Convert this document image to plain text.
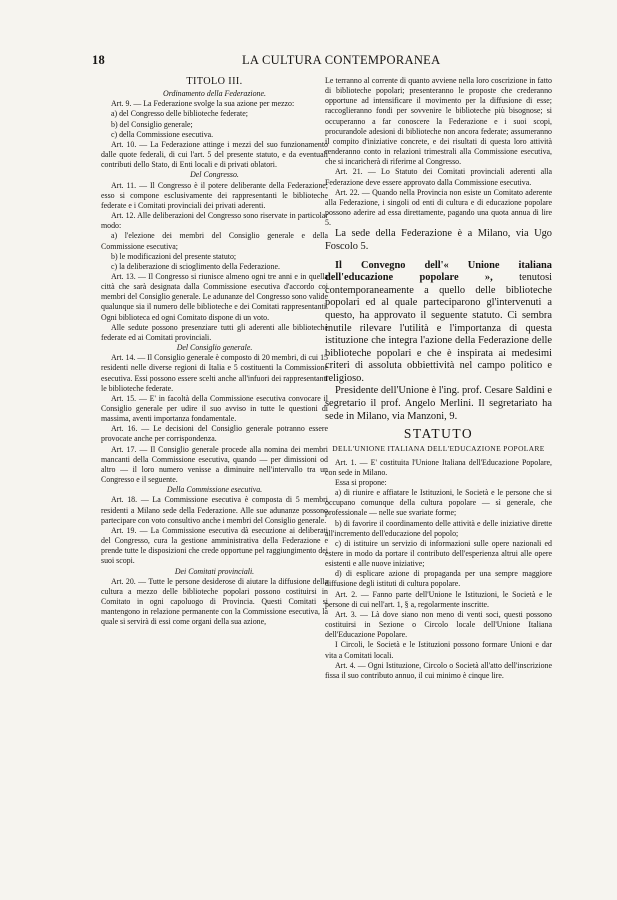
18	LA CULTURA CONTEMPORANEA
TITOLO III.

Ordinamento della Federazione.

Art. 9. — La Federazione svolge la sua azione per mezzo:

a) del Congresso delle biblioteche federate;

b) del Consiglio generale;

c) della Commissione esecutiva.

Art. 10. — La Federazione attinge i mezzi del suo funzionamento dalle quote federali, di cui l'art. 5 del presente statuto, e da eventuali contributi dello Stato, di Enti locali e di privati oblatori.

Del Congresso.

Art. 11. — Il Congresso è il potere deliberante della Federazione; esso si compone esclusivamente dei rappresentanti le biblioteche federate e i Comitati provinciali dei privati aderenti.

Art. 12. Alle deliberazioni del Congresso sono riservate in particolar modo:

a) l'elezione dei membri del Consiglio generale e della Commissione esecutiva;

b) le modificazioni del presente statuto;

c) la deliberazione di scioglimento della Federazione.

Art. 13. — Il Congresso si riunisce almeno ogni tre anni e in quella città che sarà designata dalla Commissione esecutiva d'accordo coi membri del Consiglio generale. Le adunanze del Congresso sono valide qualunque sia il numero delle biblioteche e dei Comitati rappresentanti. Ogni biblioteca ed ogni Comitato dispone di un voto.

Alle sedute possono presenziare tutti gli aderenti alle biblioteche federate ed ai Comitati provinciali.

Del Consiglio generale.

Art. 14. — Il Consiglio generale è composto di 20 membri, di cui 15 residenti nelle diverse regioni di Italia e 5 costituenti la Commissione esecutiva. Essi possono essere scelti anche all'infuori dei rappresentanti le biblioteche federate.

Art. 15. — E' in facoltà della Commissione esecutiva convocare il Consiglio generale per udire il suo avviso in tutte le questioni di massima, aventi importanza fondamentale.

Art. 16. — Le decisioni del Consiglio generale potranno essere provocate anche per corrispondenza.

Art. 17. — Il Consiglio generale procede alla nomina dei membri mancanti della Commissione esecutiva, quando — per dimissioni od altro — il loro numero venisse a diminuire nell'intervallo tra un Congresso e il seguente.

Della Commissione esecutiva.

Art. 18. — La Commissione esecutiva è composta di 5 membri residenti a Milano sede della Federazione. Alle sue adunanze possono partecipare con voto consultivo anche i membri del Consiglio generale.

Art. 19. — La Commissione esecutiva dà esecuzione ai deliberati del Congresso, cura la gestione amministrativa della Federazione e prende tutte le disposizioni che crede opportune pel raggiungimento dei suoi scopi.

Dei Comitati provinciali.

Art. 20. — Tutte le persone desiderose di aiutare la diffusione della cultura a mezzo delle biblioteche popolari possono costituirsi in Comitato in ogni capoluogo di Provincia. Questi Comitati si mantengono in relazione permanente con la Commissione esecutiva, la quale si servirà di essi come organi della sua azione,

Le terranno al corrente di quanto avviene nella loro coscrizione in fatto di biblioteche popolari; presenteranno le proposte che crederanno opportune ad intensificare il movimento per la diffusione di esse; raccoglieranno fondi per sovvenire le biblioteche più bisognose; si occuperanno a far conoscere la Federazione e i suoi scopi, procurandole adesioni di biblioteche non ancora federate; assumeranno il compito d'iniziative concrete, e dei risultati di questa loro attività renderanno conto in relazioni trimestrali alla Commissione esecutiva, che si incaricherà di riferirne al Congresso.

Art. 21. — Lo Statuto dei Comitati provinciali aderenti alla Federazione deve essere approvato dalla Commissione esecutiva.

Art. 22. — Quando nella Provincia non esiste un Comitato aderente alla Federazione, i singoli od enti di cultura e di educazione popolare possono aderire ad essa direttamente, pagando una quota annua di lire 5.

La sede della Federazione è a Milano, via Ugo Foscolo 5.

Il Convegno dell'« Unione italiana dell'educazione popolare », tenutosi contemporaneamente a quello delle biblioteche popolari ed al quale parteciparono gl'intervenuti a questo, ha approvato il seguente statuto. Ci sembra inutile rilevare l'utilità e l'importanza di questa istituzione che integra l'azione della Federazione delle biblioteche popolari e che è inspirata ai medesimi criteri di assoluta obbiettività nel campo politico e religioso.

Presidente dell'Unione è l'ing. prof. Cesare Saldini e segretario il prof. Angelo Merlini. Il segretariato ha sede in Milano, via Manzoni, 9.

STATUTO
DELL'UNIONE ITALIANA DELL'EDUCAZIONE POPOLARE

Art. 1. — E' costituita l'Unione Italiana dell'Educazione Popolare, con sede in Milano.

Essa si propone:

a) di riunire e affiatare le Istituzioni, le Società e le persone che si occupano comunque della cultura popolare — sì generale, che professionale — nelle sue svariate forme;

b) di favorire il coordinamento delle attività e delle iniziative dirette all'incremento dell'educazione del popolo;

c) di istituire un servizio di informazioni sulle opere nazionali ed estere in modo da portare il contributo dell'esperienza altrui alle opere esistenti e alle nuove iniziative;

d) di esplicare azione di propaganda per una sempre maggiore diffusione degli istituti di cultura popolare.

Art. 2. — Fanno parte dell'Unione le Istituzioni, le Società e le persone di cui nell'art. 1, § a, regolarmente inscritte.

Art. 3. — Là dove siano non meno di venti soci, questi possono costituirsi in Sezione o Circolo locale dell'Unione Italiana dell'Educazione Popolare.

I Circoli, le Società e le Istituzioni possono formare Unioni e dar vita a Comitati locali.

Art. 4. — Ogni Istituzione, Circolo o Società all'atto dell'inscrizione fissa il suo contributo annuo, il cui minimo è cinque lire.
